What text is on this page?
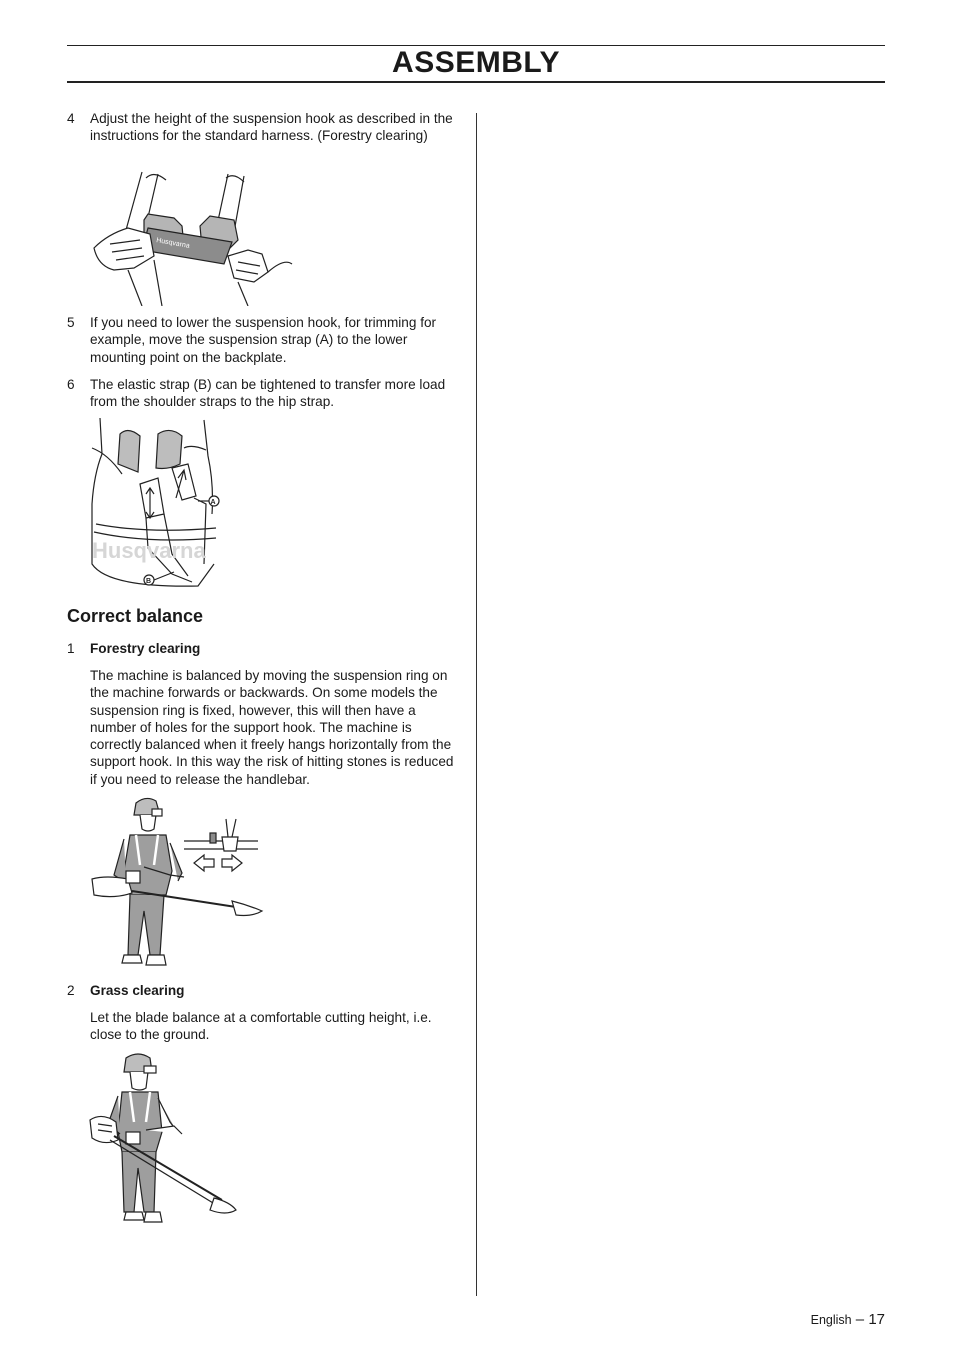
ASSEMBLY
4 Adjust the height of the suspension hook as described in the instructions for the standard harness. (Forestry clearing)
Husqvarna
5 If you need to lower the suspension hook, for trimming for example, move the suspension strap (A) to the lower mounting point on the backplate.
6 The elastic strap (B) can be tightened to transfer more load from the shoulder straps to the hip strap.
Husqvarna
A
B
Correct balance
1 Forestry clearing
The machine is balanced by moving the suspension ring on the machine forwards or backwards. On some models the suspension ring is fixed, however, this will then have a number of holes for the support hook. The machine is correctly balanced when it freely hangs horizontally from the support hook. In this way the risk of hitting stones is reduced if you need to release the handlebar.
2 Grass clearing
Let the blade balance at a comfortable cutting height, i.e. close to the ground.
English – 17
